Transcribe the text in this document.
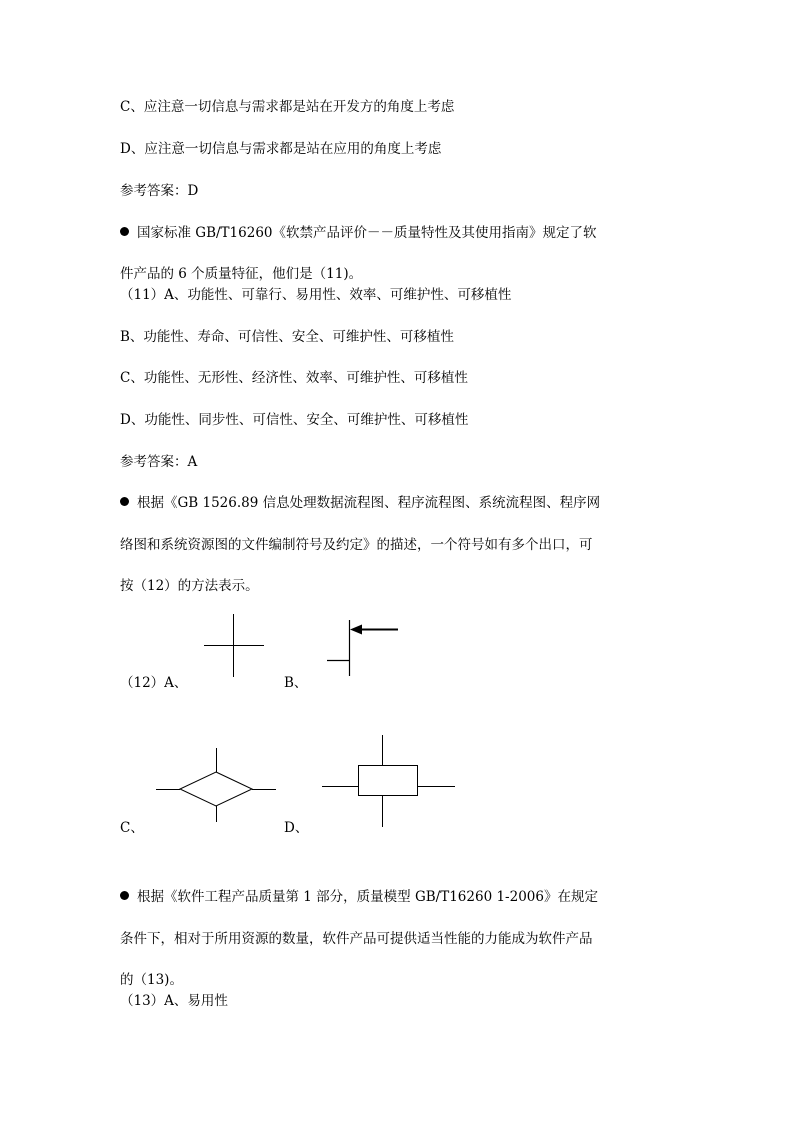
C、应注意一切信息与需求都是站在开发方的角度上考虑
D、应注意一切信息与需求都是站在应用的角度上考虑
参考答案：D
国家标准 GB/T16260《软禁产品评价－－质量特性及其使用指南》规定了软
件产品的 6 个质量特征，他们是（11)。
（11）A、功能性、可靠行、易用性、效率、可维护性、可移植性
B、功能性、寿命、可信性、安全、可维护性、可移植性
C、功能性、无形性、经济性、效率、可维护性、可移植性
D、功能性、同步性、可信性、安全、可维护性、可移植性
参考答案：A
根据《GB 1526.89 信息处理数据流程图、程序流程图、系统流程图、程序网
络图和系统资源图的文件编制符号及约定》的描述，一个符号如有多个出口，可
按（12）的方法表示。
（12）A、	B、
C、	D、
根据《软件工程产品质量第 1 部分，质量模型 GB/T16260 1-2006》在规定
条件下，相对于所用资源的数量，软件产品可提供适当性能的力能成为软件产品
的（13)。
（13）A、易用性
